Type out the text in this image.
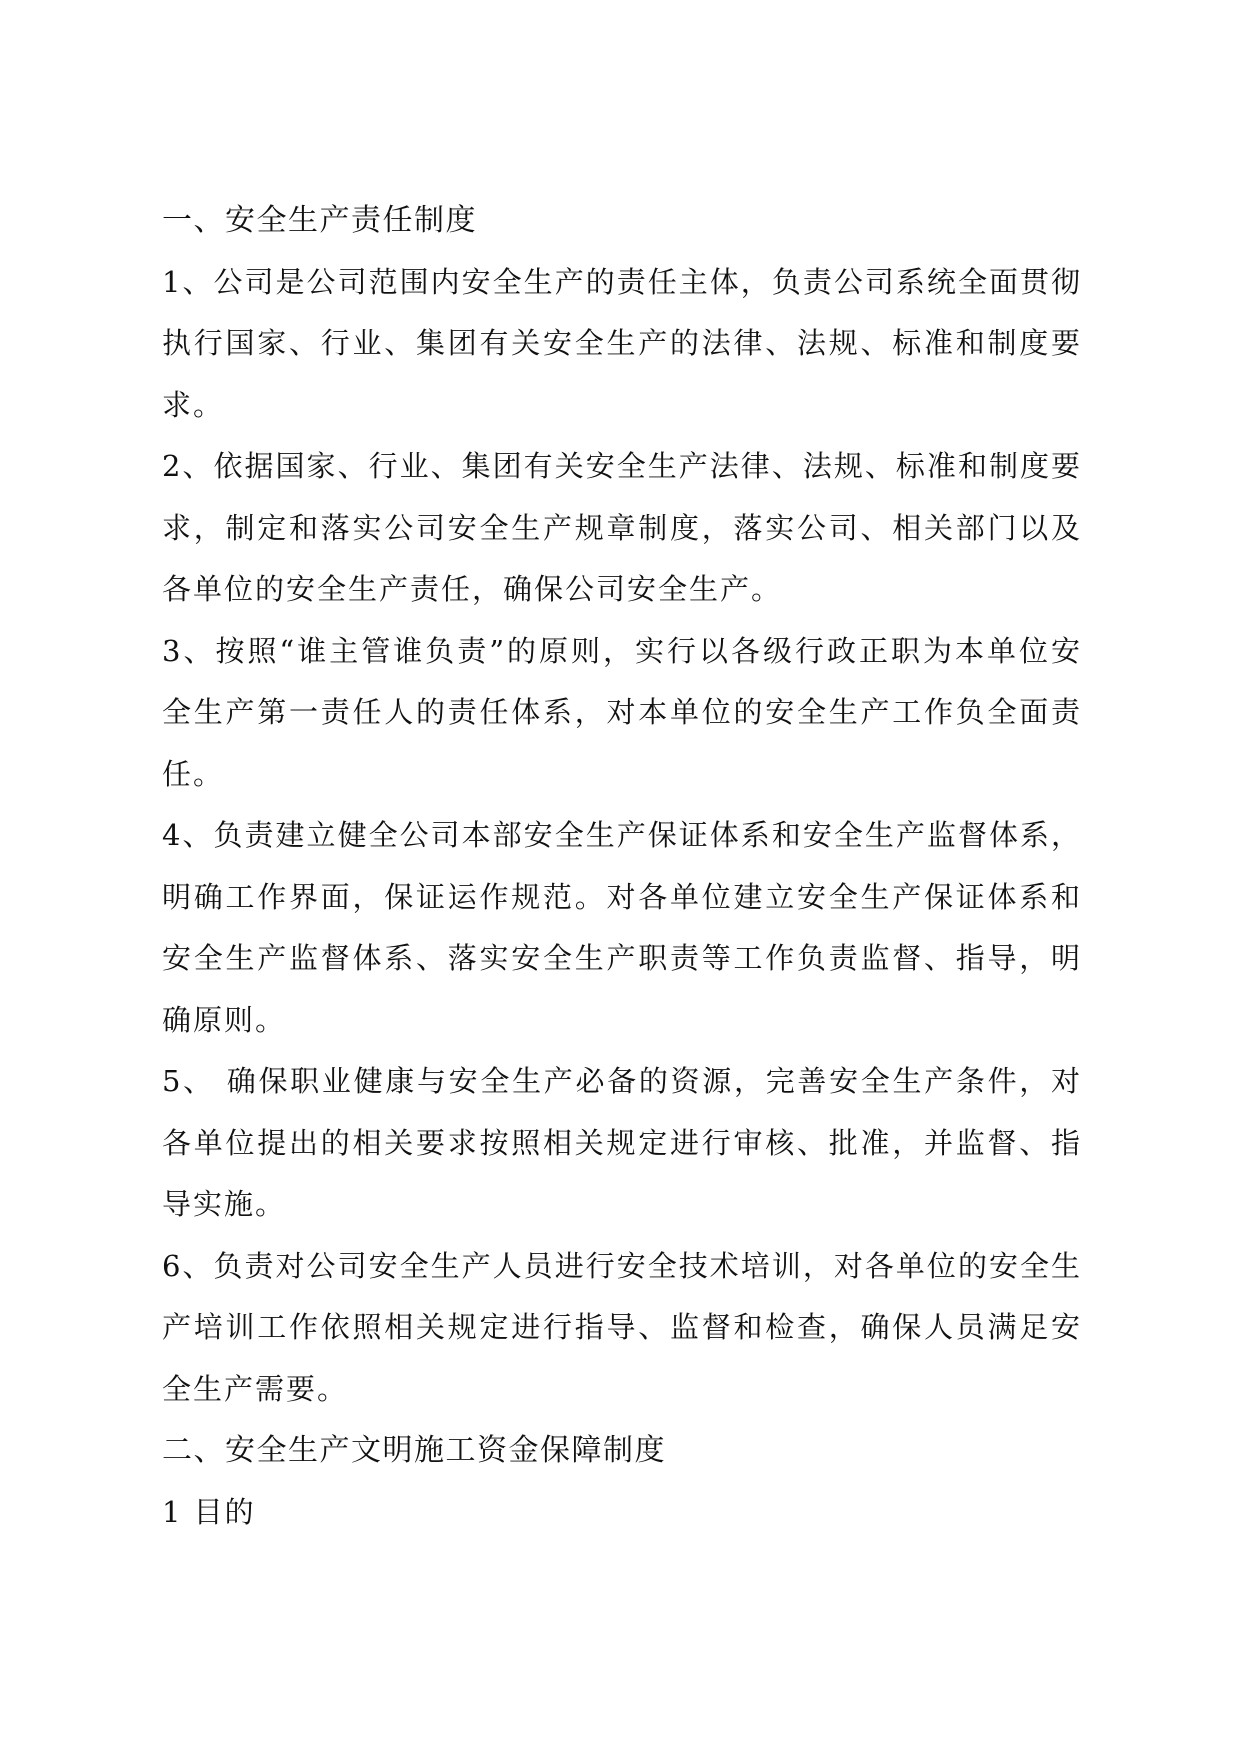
一、安全生产责任制度

1、公司是公司范围内安全生产的责任主体，负责公司系统全面贯彻执行国家、行业、集团有关安全生产的法律、法规、标准和制度要求。

2、依据国家、行业、集团有关安全生产法律、法规、标准和制度要求，制定和落实公司安全生产规章制度，落实公司、相关部门以及各单位的安全生产责任，确保公司安全生产。

3、按照“谁主管谁负责”的原则，实行以各级行政正职为本单位安全生产第一责任人的责任体系，对本单位的安全生产工作负全面责任。

4、负责建立健全公司本部安全生产保证体系和安全生产监督体系，明确工作界面，保证运作规范。对各单位建立安全生产保证体系和安全生产监督体系、落实安全生产职责等工作负责监督、指导，明确原则。

5、 确保职业健康与安全生产必备的资源，完善安全生产条件，对各单位提出的相关要求按照相关规定进行审核、批准，并监督、指导实施。

6、负责对公司安全生产人员进行安全技术培训，对各单位的安全生产培训工作依照相关规定进行指导、监督和检查，确保人员满足安全生产需要。

二、安全生产文明施工资金保障制度

1 目的
